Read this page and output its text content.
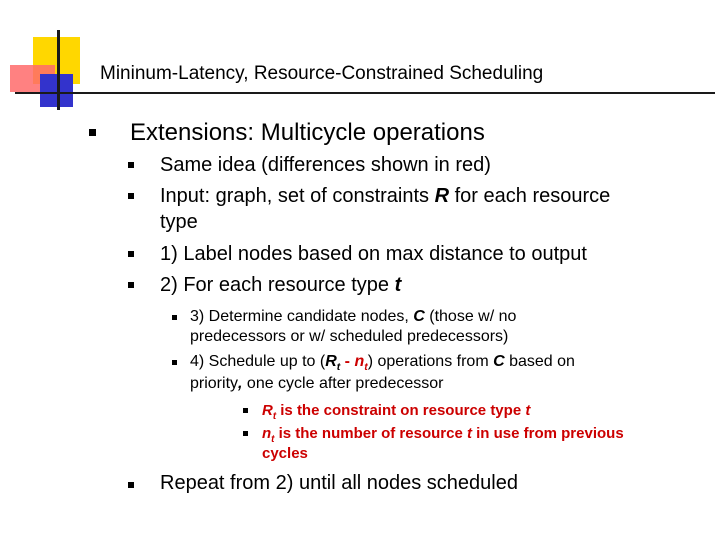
Mininum-Latency, Resource-Constrained Scheduling
Extensions: Multicycle operations
Same idea (differences shown in red)
Input: graph, set of constraints R for each resource
type
1) Label nodes based on max distance to output
2) For each resource type t
3) Determine candidate nodes, C (those w/ no
predecessors or w/ scheduled predecessors)
4) Schedule up to $(R_t - n_t)$ operations from C based on
priority, one cycle after predecessor
$R_t$ is the constraint on resource type t
$n_t$ is the number of resource t in use from previous
cycles
Repeat from 2) until all nodes scheduled
